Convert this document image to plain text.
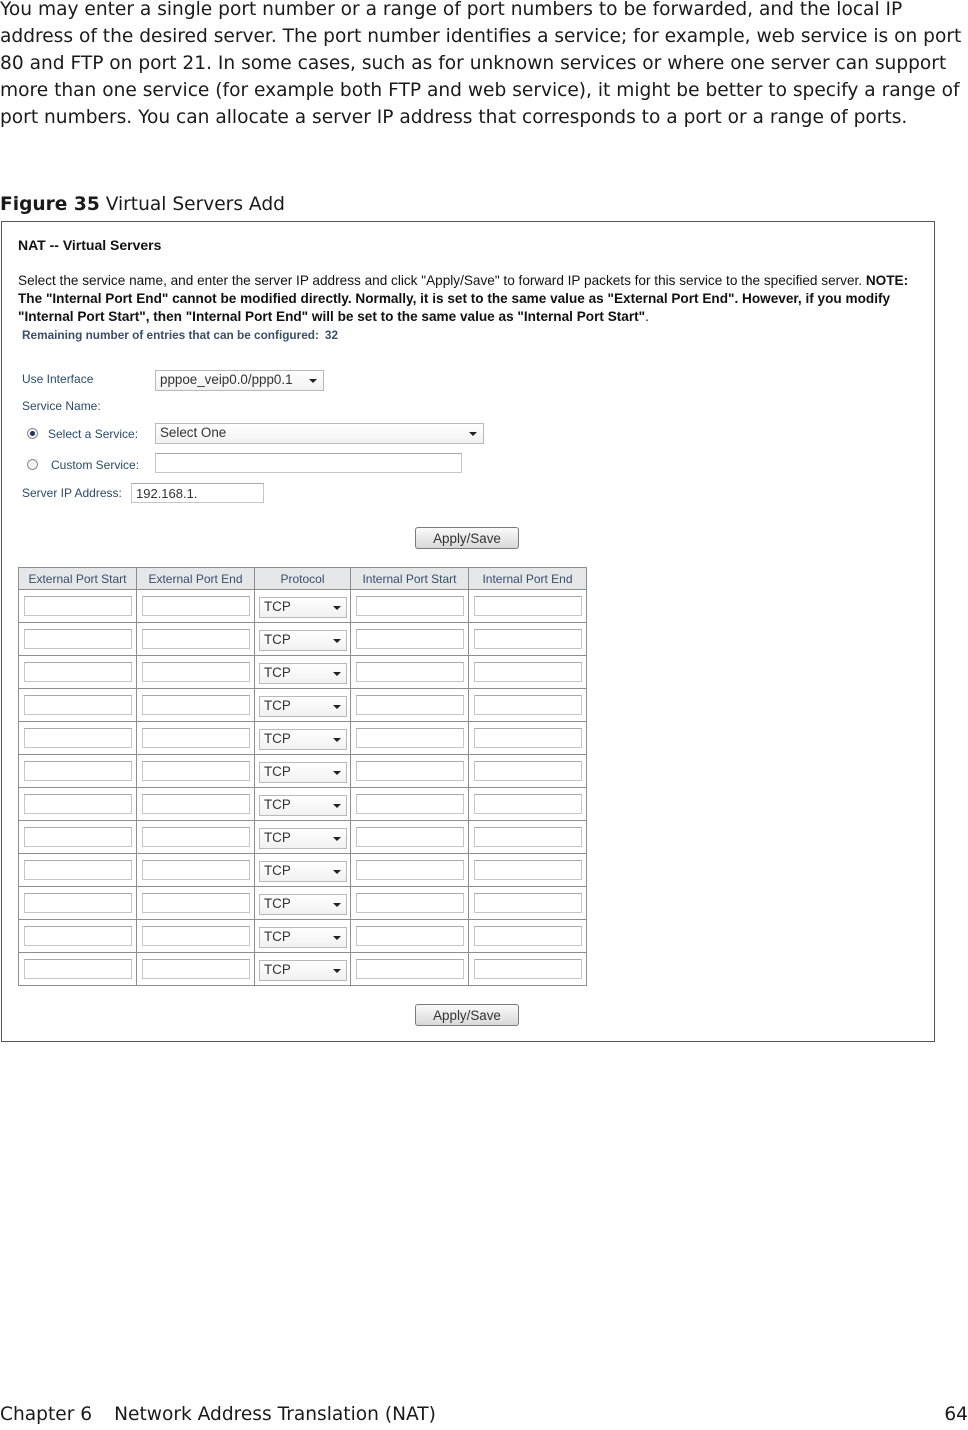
You may enter a single port number or a range of port numbers to be forwarded, and the local IP address of the desired server. The port number identifies a service; for example, web service is on port 80 and FTP on port 21. In some cases, such as for unknown services or where one server can support more than one service (for example both FTP and web service), it might be better to specify a range of port numbers. You can allocate a server IP address that corresponds to a port or a range of ports.

Figure 35 Virtual Servers Add

NAT -- Virtual Servers
Select the service name, and enter the server IP address and click "Apply/Save" to forward IP packets for this service to the specified server. NOTE: The "Internal Port End" cannot be modified directly. Normally, it is set to the same value as "External Port End". However, if you modify "Internal Port Start", then "Internal Port End" will be set to the same value as "Internal Port Start".
Remaining number of entries that can be configured: 32
Use Interface	pppoe_veip0.0/ppp0.1
Service Name:
Select a Service:	Select One
Custom Service:
Server IP Address:
192.168.1.
Apply/Save
External Port Start	External Port End	Protocol	Internal Port Start	Internal Port End

		TCP		

		TCP		

		TCP		

		TCP		

		TCP		

		TCP		

		TCP		

		TCP		

		TCP		

		TCP		

		TCP		

		TCP		

Apply/Save
Chapter 6 Network Address Translation (NAT)	64
